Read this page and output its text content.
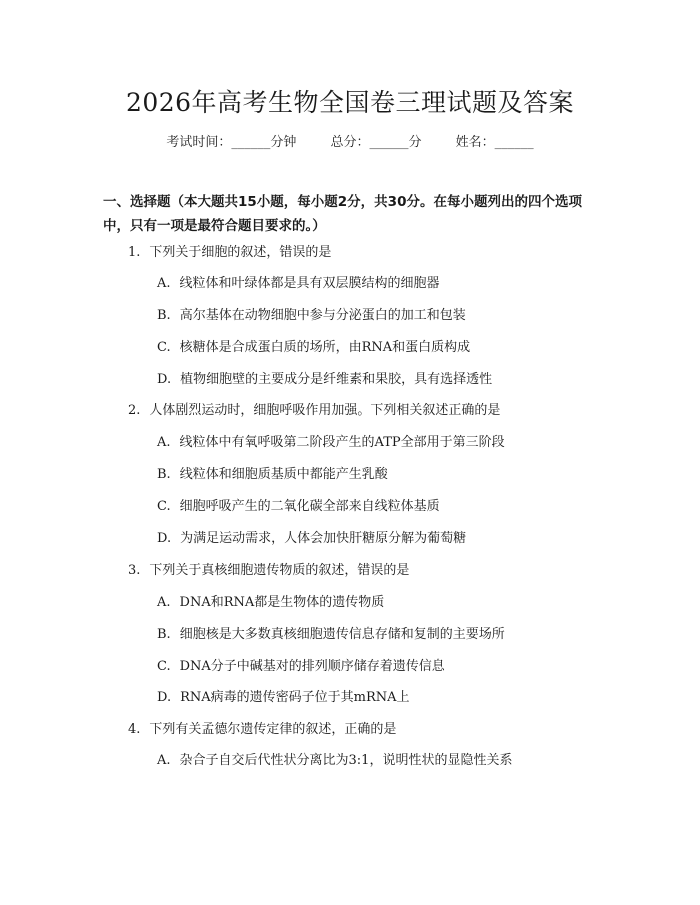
2026年高考生物全国卷三理试题及答案
考试时间：______分钟	总分：______分	姓名：______
一、选择题（本大题共15小题，每小题2分，共30分。在每小题列出的四个选项中，只有一项是最符合题目要求的。）
1. 下列关于细胞的叙述，错误的是
A. 线粒体和叶绿体都是具有双层膜结构的细胞器
B. 高尔基体在动物细胞中参与分泌蛋白的加工和包装
C. 核糖体是合成蛋白质的场所，由RNA和蛋白质构成
D. 植物细胞壁的主要成分是纤维素和果胶，具有选择透性
2. 人体剧烈运动时，细胞呼吸作用加强。下列相关叙述正确的是
A. 线粒体中有氧呼吸第二阶段产生的ATP全部用于第三阶段
B. 线粒体和细胞质基质中都能产生乳酸
C. 细胞呼吸产生的二氧化碳全部来自线粒体基质
D. 为满足运动需求，人体会加快肝糖原分解为葡萄糖
3. 下列关于真核细胞遗传物质的叙述，错误的是
A. DNA和RNA都是生物体的遗传物质
B. 细胞核是大多数真核细胞遗传信息存储和复制的主要场所
C. DNA分子中碱基对的排列顺序储存着遗传信息
D. RNA病毒的遗传密码子位于其mRNA上
4. 下列有关孟德尔遗传定律的叙述，正确的是
A. 杂合子自交后代性状分离比为3:1，说明性状的显隐性关系
